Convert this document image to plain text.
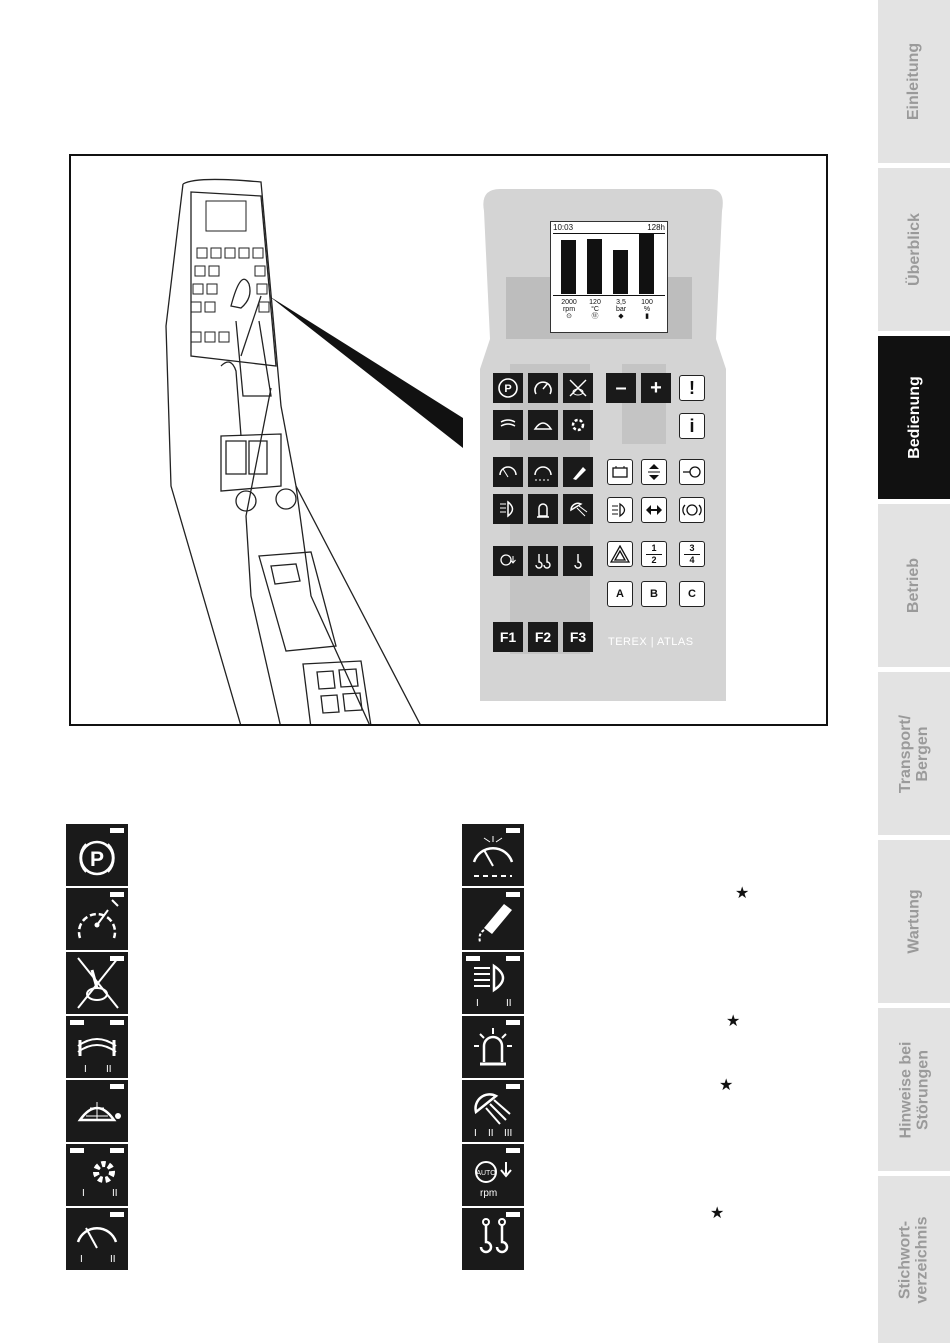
Einleitung
Überblick
Bedienung
Betrieb
Transport/
Bergen
Wartung
Hinweise bei
Störungen
Stichwort-
verzeichnis
10:03	128h
2000
rpm
⊙
120
°C
Ⓦ
3,5
bar
◆
100
%
▮
P
F1	F2	F3
–	+	!
i
1
2
3
4
A	B	C
TEREX | ATLAS
P
I II
I	II
I	II
I	II
I II III
AUTO
rpm
★
★
★
★
